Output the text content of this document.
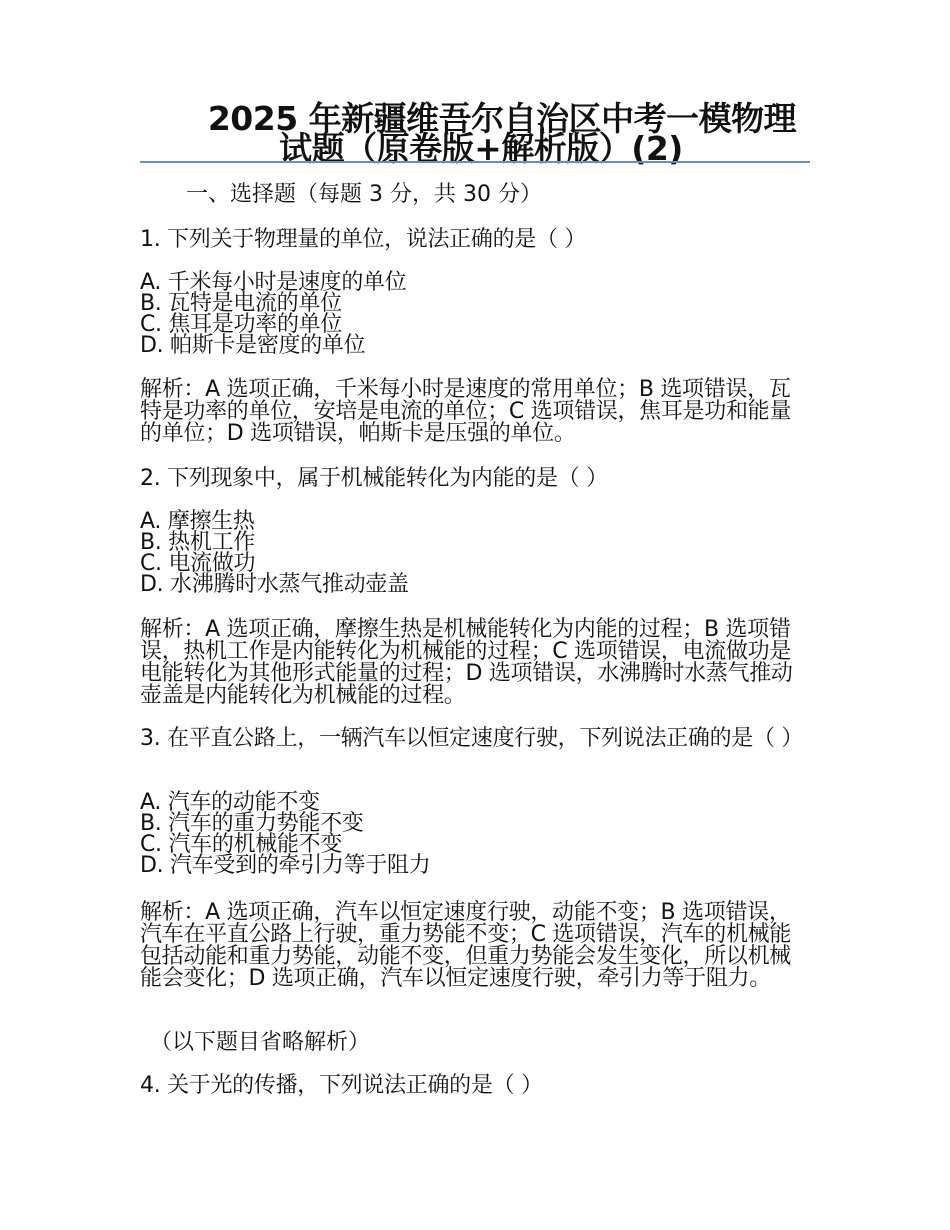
2025 年新疆维吾尔自治区中考一模物理
试题（原卷版+解析版）(2)
一、选择题（每题 3 分，共 30 分）
1. 下列关于物理量的单位，说法正确的是（ ）
A. 千米每小时是速度的单位
B. 瓦特是电流的单位
C. 焦耳是功率的单位
D. 帕斯卡是密度的单位
解析：A 选项正确，千米每小时是速度的常用单位；B 选项错误，瓦特是功率的单位，安培是电流的单位；C 选项错误，焦耳是功和能量的单位；D 选项错误，帕斯卡是压强的单位。
2. 下列现象中，属于机械能转化为内能的是（ ）
A. 摩擦生热
B. 热机工作
C. 电流做功
D. 水沸腾时水蒸气推动壶盖
解析：A 选项正确，摩擦生热是机械能转化为内能的过程；B 选项错误，热机工作是内能转化为机械能的过程；C 选项错误，电流做功是电能转化为其他形式能量的过程；D 选项错误，水沸腾时水蒸气推动壶盖是内能转化为机械能的过程。
3. 在平直公路上，一辆汽车以恒定速度行驶，下列说法正确的是（ ）
A. 汽车的动能不变
B. 汽车的重力势能不变
C. 汽车的机械能不变
D. 汽车受到的牵引力等于阻力
解析：A 选项正确，汽车以恒定速度行驶，动能不变；B 选项错误，汽车在平直公路上行驶，重力势能不变；C 选项错误，汽车的机械能包括动能和重力势能，动能不变，但重力势能会发生变化，所以机械能会变化；D 选项正确，汽车以恒定速度行驶，牵引力等于阻力。
（以下题目省略解析）
4. 关于光的传播，下列说法正确的是（ ）
